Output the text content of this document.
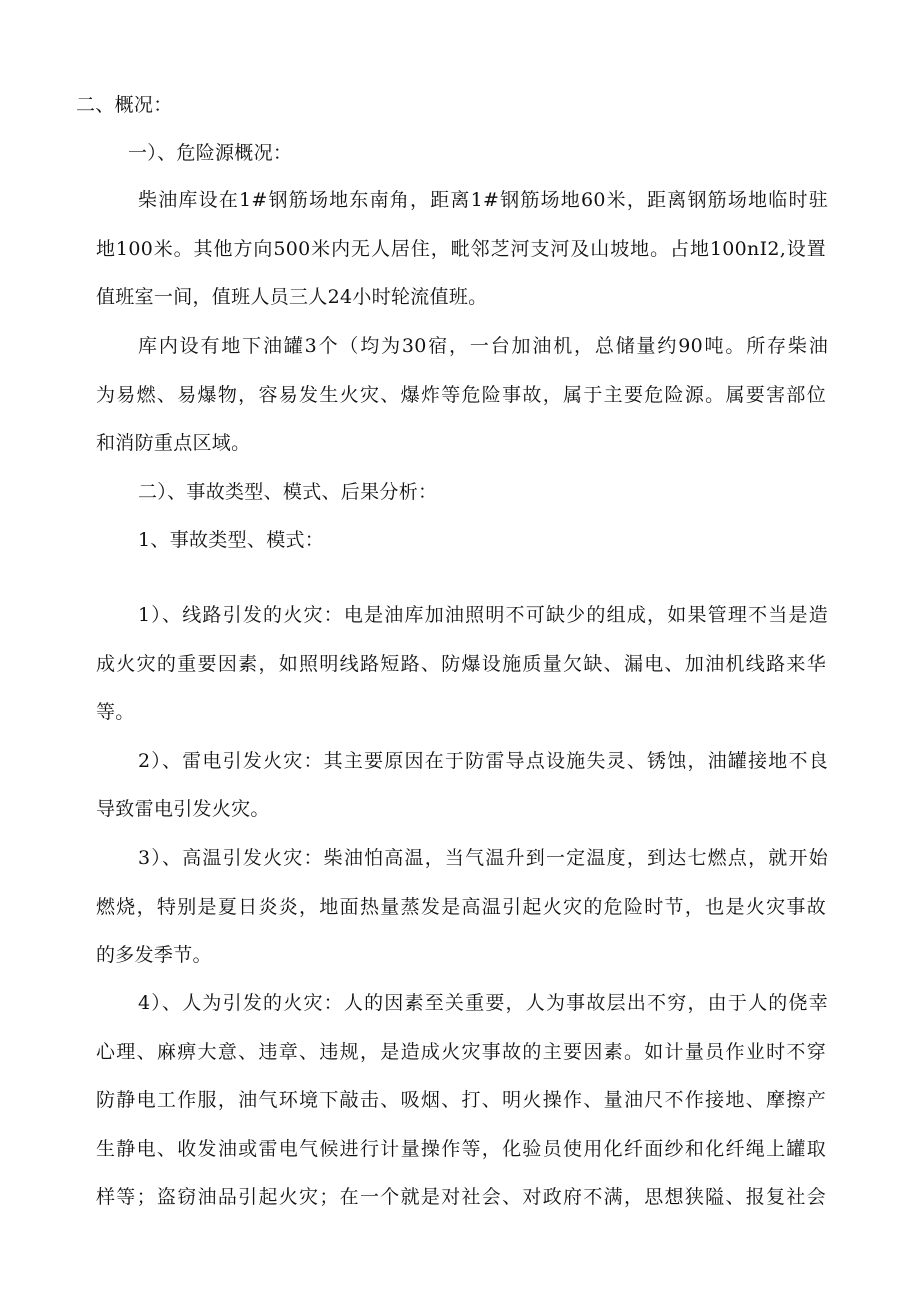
二、概况：
一）、危险源概况：
柴油库设在1#钢筋场地东南角，距离1#钢筋场地60米，距离钢筋场地临时驻
地100米。其他方向500米内无人居住，毗邻芝河支河及山坡地。占地100nI2,设置
值班室一间，值班人员三人24小时轮流值班。
库内设有地下油罐3个（均为30宿，一台加油机，总储量约90吨。所存柴油
为易燃、易爆物，容易发生火灾、爆炸等危险事故，属于主要危险源。属要害部位
和消防重点区域。
二）、事故类型、模式、后果分析：
1、事故类型、模式：
1）、线路引发的火灾：电是油库加油照明不可缺少的组成，如果管理不当是造
成火灾的重要因素，如照明线路短路、防爆设施质量欠缺、漏电、加油机线路来华
等。
2）、雷电引发火灾：其主要原因在于防雷导点设施失灵、锈蚀，油罐接地不良
导致雷电引发火灾。
3）、高温引发火灾：柴油怕高温，当气温升到一定温度，到达七燃点，就开始
燃烧，特别是夏日炎炎，地面热量蒸发是高温引起火灾的危险时节，也是火灾事故
的多发季节。
4）、人为引发的火灾：人的因素至关重要，人为事故层出不穷，由于人的侥幸
心理、麻痹大意、违章、违规，是造成火灾事故的主要因素。如计量员作业时不穿
防静电工作服，油气环境下敲击、吸烟、打、明火操作、量油尺不作接地、摩擦产
生静电、收发油或雷电气候进行计量操作等，化验员使用化纤面纱和化纤绳上罐取
样等；盗窃油品引起火灾；在一个就是对社会、对政府不满，思想狭隘、报复社会
